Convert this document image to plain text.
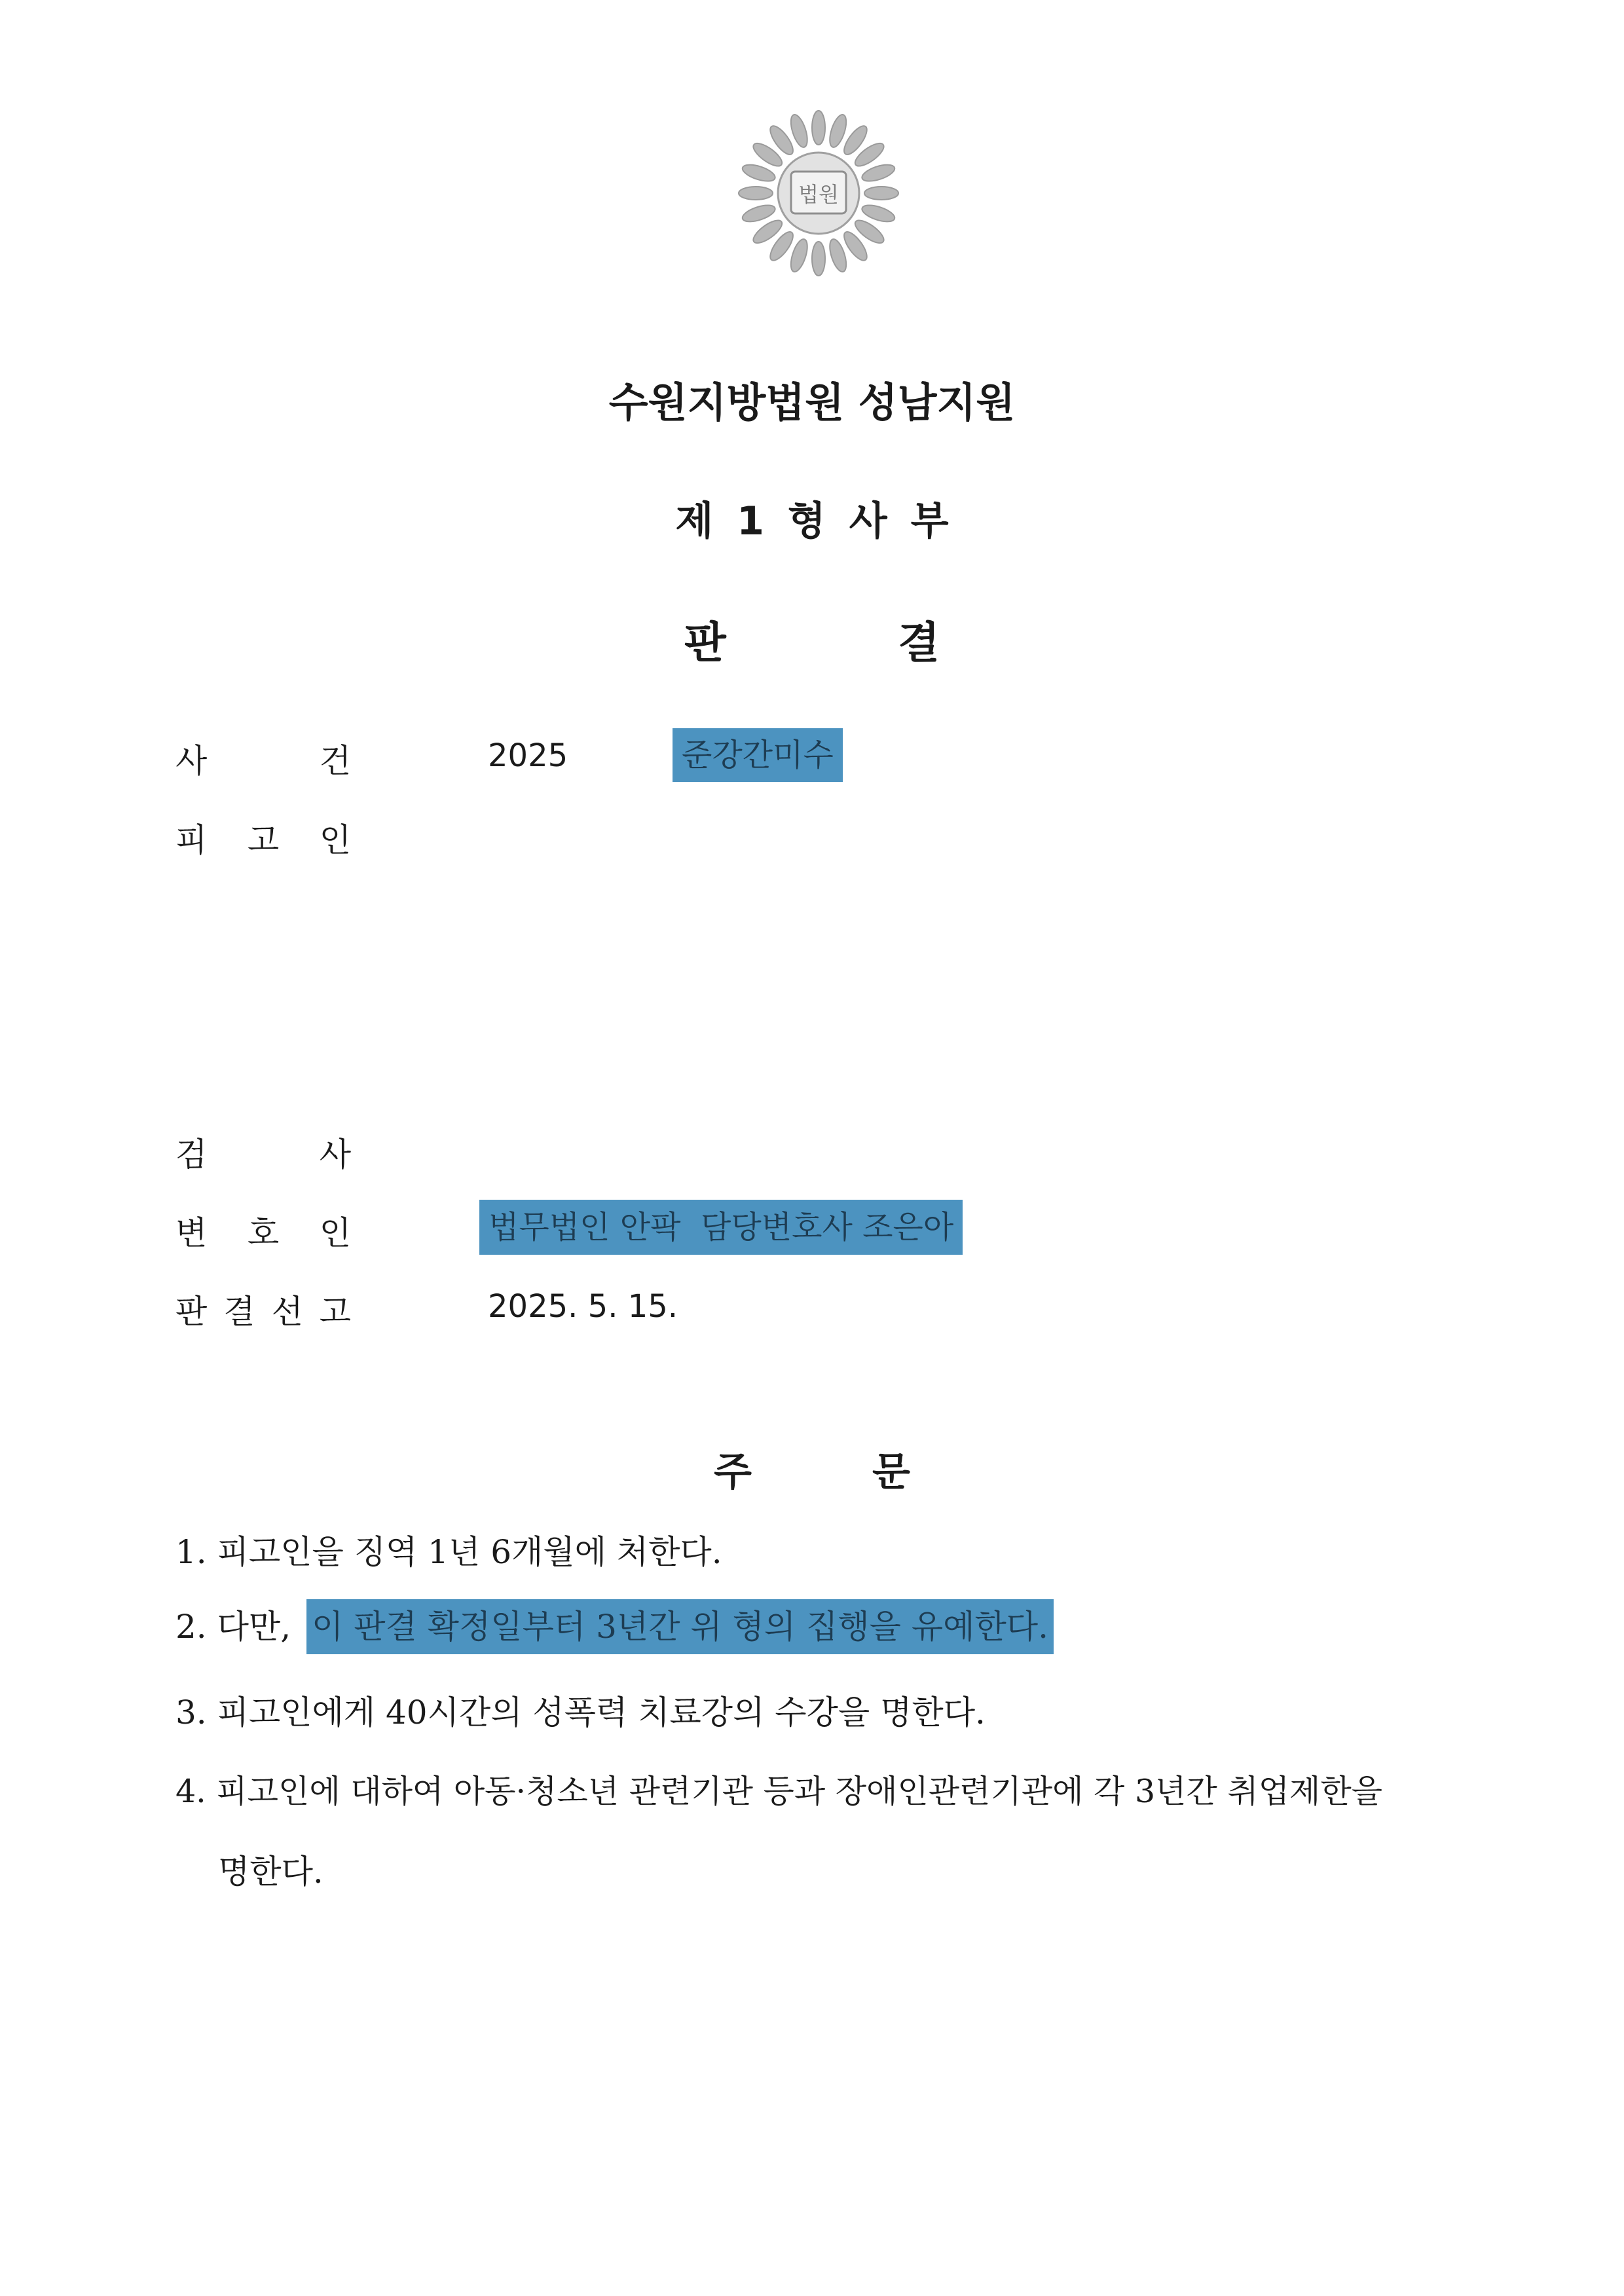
법원
수원지방법원 성남지원
제 1 형 사 부
판	결
사	건	2025	준강간미수
피 고 인
검	사
변 호 인	법무법인 안팍  담당변호사 조은아
판 결 선 고	2025. 5. 15.
주	문
1. 피고인을 징역 1년 6개월에 처한다.
2. 다만, 이 판결 확정일부터 3년간 위 형의 집행을 유예한다.
3. 피고인에게 40시간의 성폭력 치료강의 수강을 명한다.
4. 피고인에 대하여 아동·청소년 관련기관 등과 장애인관련기관에 각 3년간 취업제한을
명한다.
